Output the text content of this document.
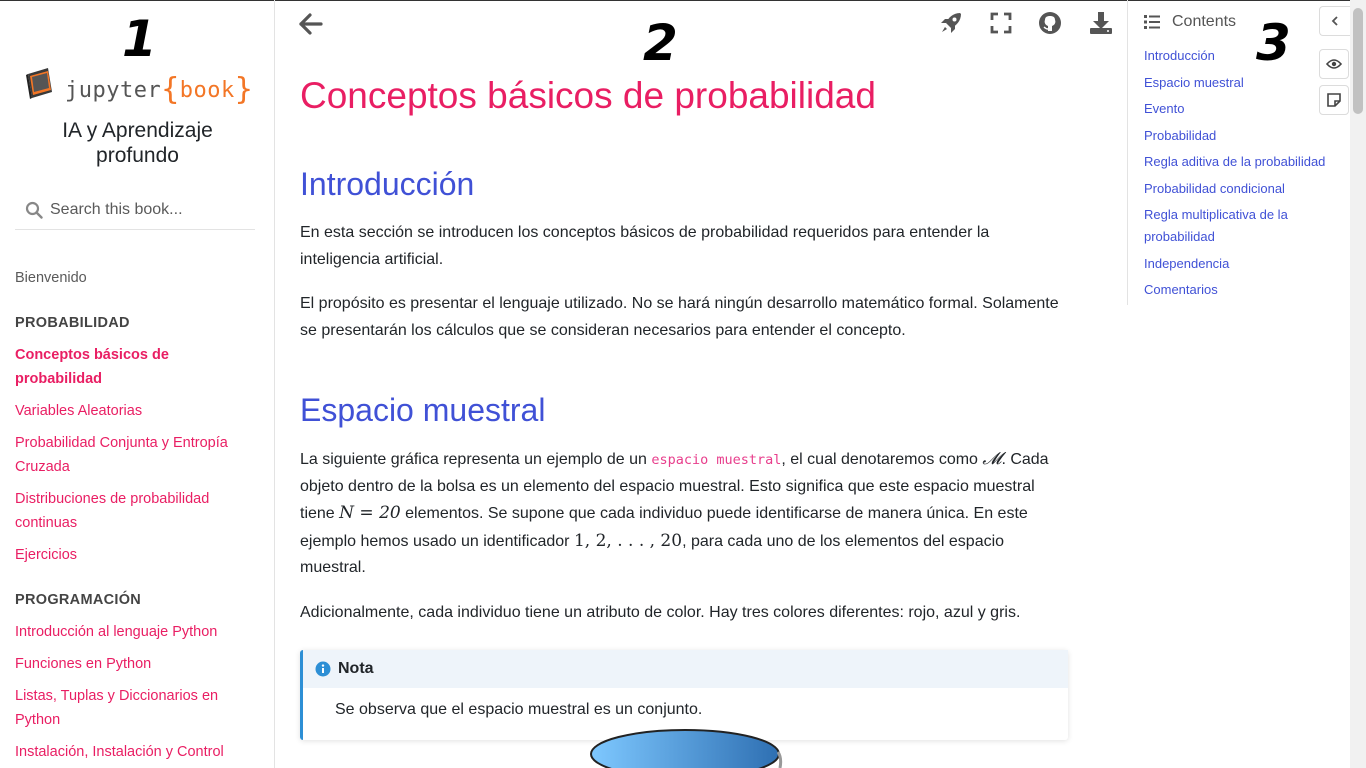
1
jupyter{book}
IA y Aprendizaje profundo
Search this book...
Bienvenido
PROBABILIDAD
Conceptos básicos de probabilidad
Variables Aleatorias
Probabilidad Conjunta y Entropía Cruzada
Distribuciones de probabilidad continuas
Ejercicios
PROGRAMACIÓN
Introducción al lenguaje Python
Funciones en Python
Listas, Tuplas y Diccionarios en Python
Instalación, Instalación y Control
2
Conceptos básicos de probabilidad
Introducción

En esta sección se introducen los conceptos básicos de probabilidad requeridos para entender la inteligencia artificial.

El propósito es presentar el lenguaje utilizado. No se hará ningún desarrollo matemático formal. Solamente se presentarán los cálculos que se consideran necesarios para entender el concepto.

Espacio muestral

La siguiente gráfica representa un ejemplo de un espacio muestral, el cual denotaremos como 𝓜. Cada objeto dentro de la bolsa es un elemento del espacio muestral. Esto significa que este espacio muestral tiene N = 20 elementos. Se supone que cada individuo puede identificarse de manera única. En este ejemplo hemos usado un identificador 1, 2, . . . , 20, para cada uno de los elementos del espacio muestral.

Adicionalmente, cada individuo tiene un atributo de color. Hay tres colores diferentes: rojo, azul y gris.

Nota
Se observa que el espacio muestral es un conjunto.
Contents
Introducción
Espacio muestral
Evento
Probabilidad
Regla aditiva de la probabilidad
Probabilidad condicional
Regla multiplicativa de la probabilidad
Independencia
Comentarios
3
